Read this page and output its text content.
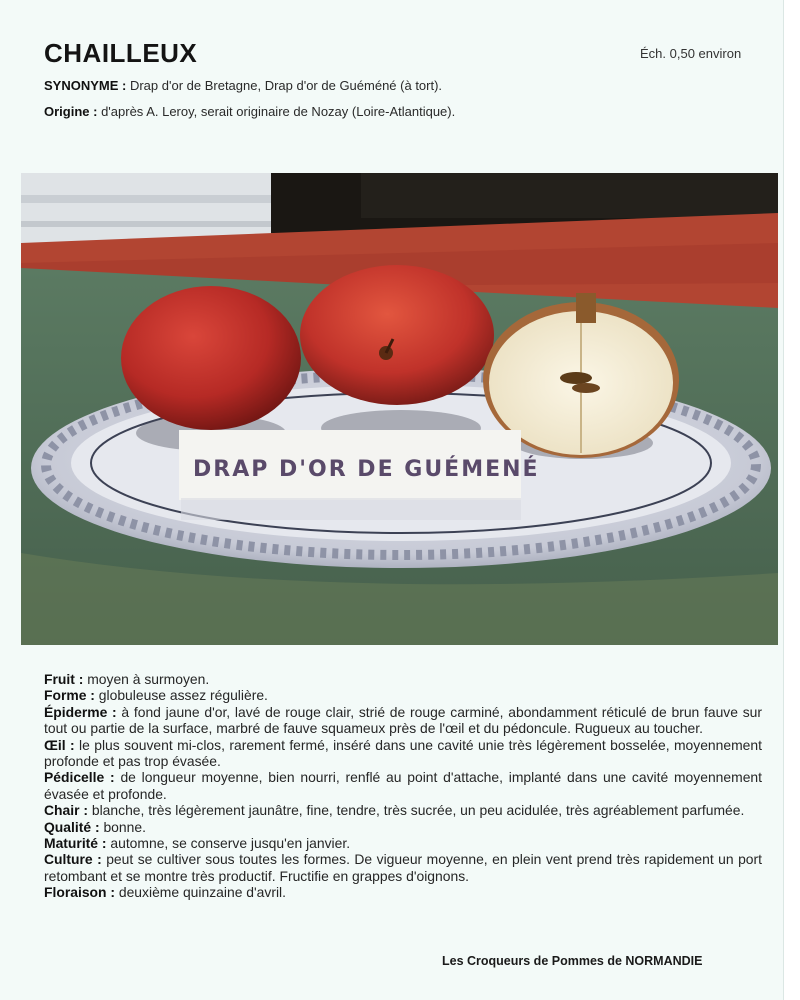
CHAILLEUX	Éch. 0,50 environ
SYNONYME : Drap d'or de Bretagne, Drap d'or de Guéméné (à tort).
Origine : d'après A. Leroy, serait originaire de Nozay (Loire-Atlantique).
DRAP D'OR DE GUÉMENÉ

Fruit : moyen à surmoyen.

Forme : globuleuse assez régulière.

Épiderme : à fond jaune d'or, lavé de rouge clair, strié de rouge carminé, abondamment réticulé de brun fauve sur tout ou partie de la surface, marbré de fauve squameux près de l'œil et du pédoncule. Rugueux au toucher.

Œil : le plus souvent mi-clos, rarement fermé, inséré dans une cavité unie très légèrement bosselée, moyennement profonde et pas trop évasée.

Pédicelle : de longueur moyenne, bien nourri, renflé au point d'attache, implanté dans une cavité moyennement évasée et profonde.

Chair : blanche, très légèrement jaunâtre, fine, tendre, très sucrée, un peu acidulée, très agréablement parfumée.

Qualité : bonne.

Maturité : automne, se conserve jusqu'en janvier.

Culture : peut se cultiver sous toutes les formes. De vigueur moyenne, en plein vent prend très rapidement un port retombant et se montre très productif. Fructifie en grappes d'oignons.

Floraison : deuxième quinzaine d'avril.

Les Croqueurs de Pommes de NORMANDIE
